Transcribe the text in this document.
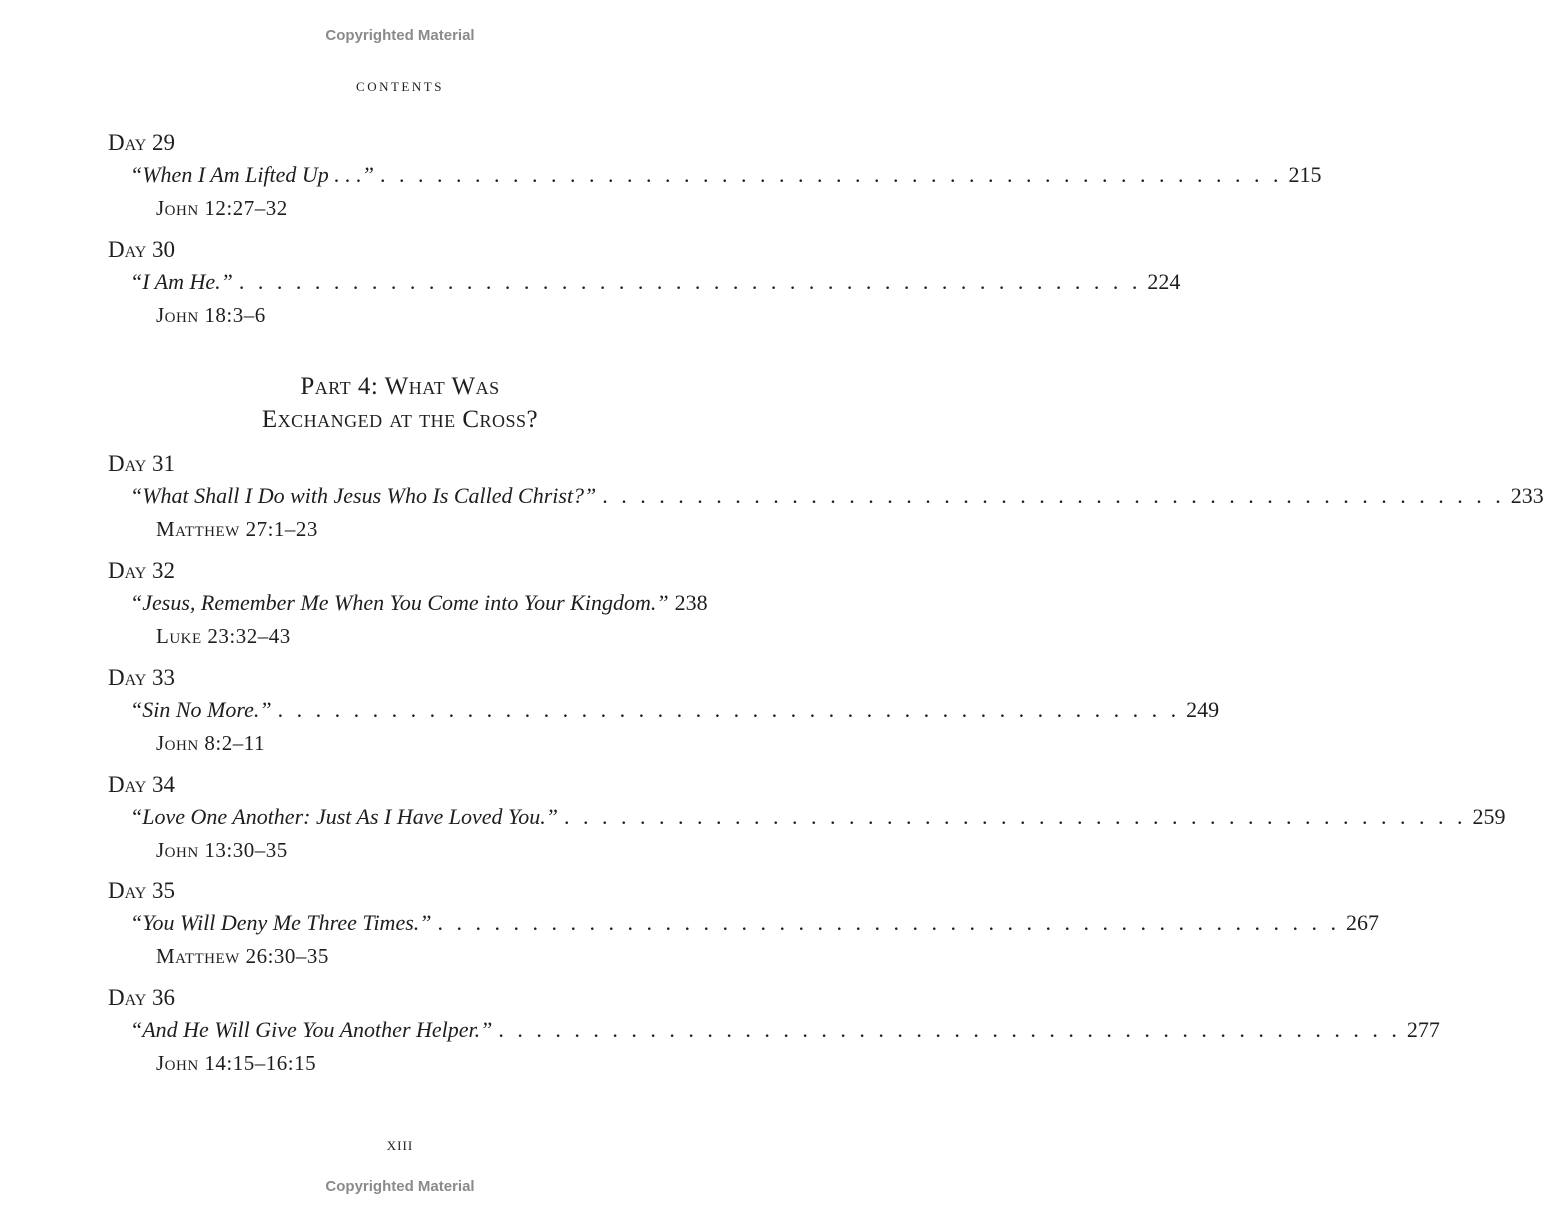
Copyrighted Material
contents
Day 29
“When I Am Lifted Up . . .” . . . . . . . . . . . . . . . . . . . . . . . . . . . . . . . . . . . . . . . . . . . . . . . . 215
John 12:27–32
Day 30
“I Am He.” . . . . . . . . . . . . . . . . . . . . . . . . . . . . . . . . . . . . . . . . . . . . . . . . 224
John 18:3–6
Part 4: What Was
Exchanged at the Cross?
Day 31
“What Shall I Do with Jesus Who Is Called Christ?” . . . . . . . . . . . . . . . . . . . . . . . . . . . . . . . . . . . . . . . . . . . . . . . . 233
Matthew 27:1–23
Day 32
“Jesus, Remember Me When You Come into Your Kingdom.” 238
Luke 23:32–43
Day 33
“Sin No More.” . . . . . . . . . . . . . . . . . . . . . . . . . . . . . . . . . . . . . . . . . . . . . . . . 249
John 8:2–11
Day 34
“Love One Another: Just As I Have Loved You.” . . . . . . . . . . . . . . . . . . . . . . . . . . . . . . . . . . . . . . . . . . . . . . . . 259
John 13:30–35
Day 35
“You Will Deny Me Three Times.” . . . . . . . . . . . . . . . . . . . . . . . . . . . . . . . . . . . . . . . . . . . . . . . . 267
Matthew 26:30–35
Day 36
“And He Will Give You Another Helper.” . . . . . . . . . . . . . . . . . . . . . . . . . . . . . . . . . . . . . . . . . . . . . . . . 277
John 14:15–16:15
xiii
Copyrighted Material
